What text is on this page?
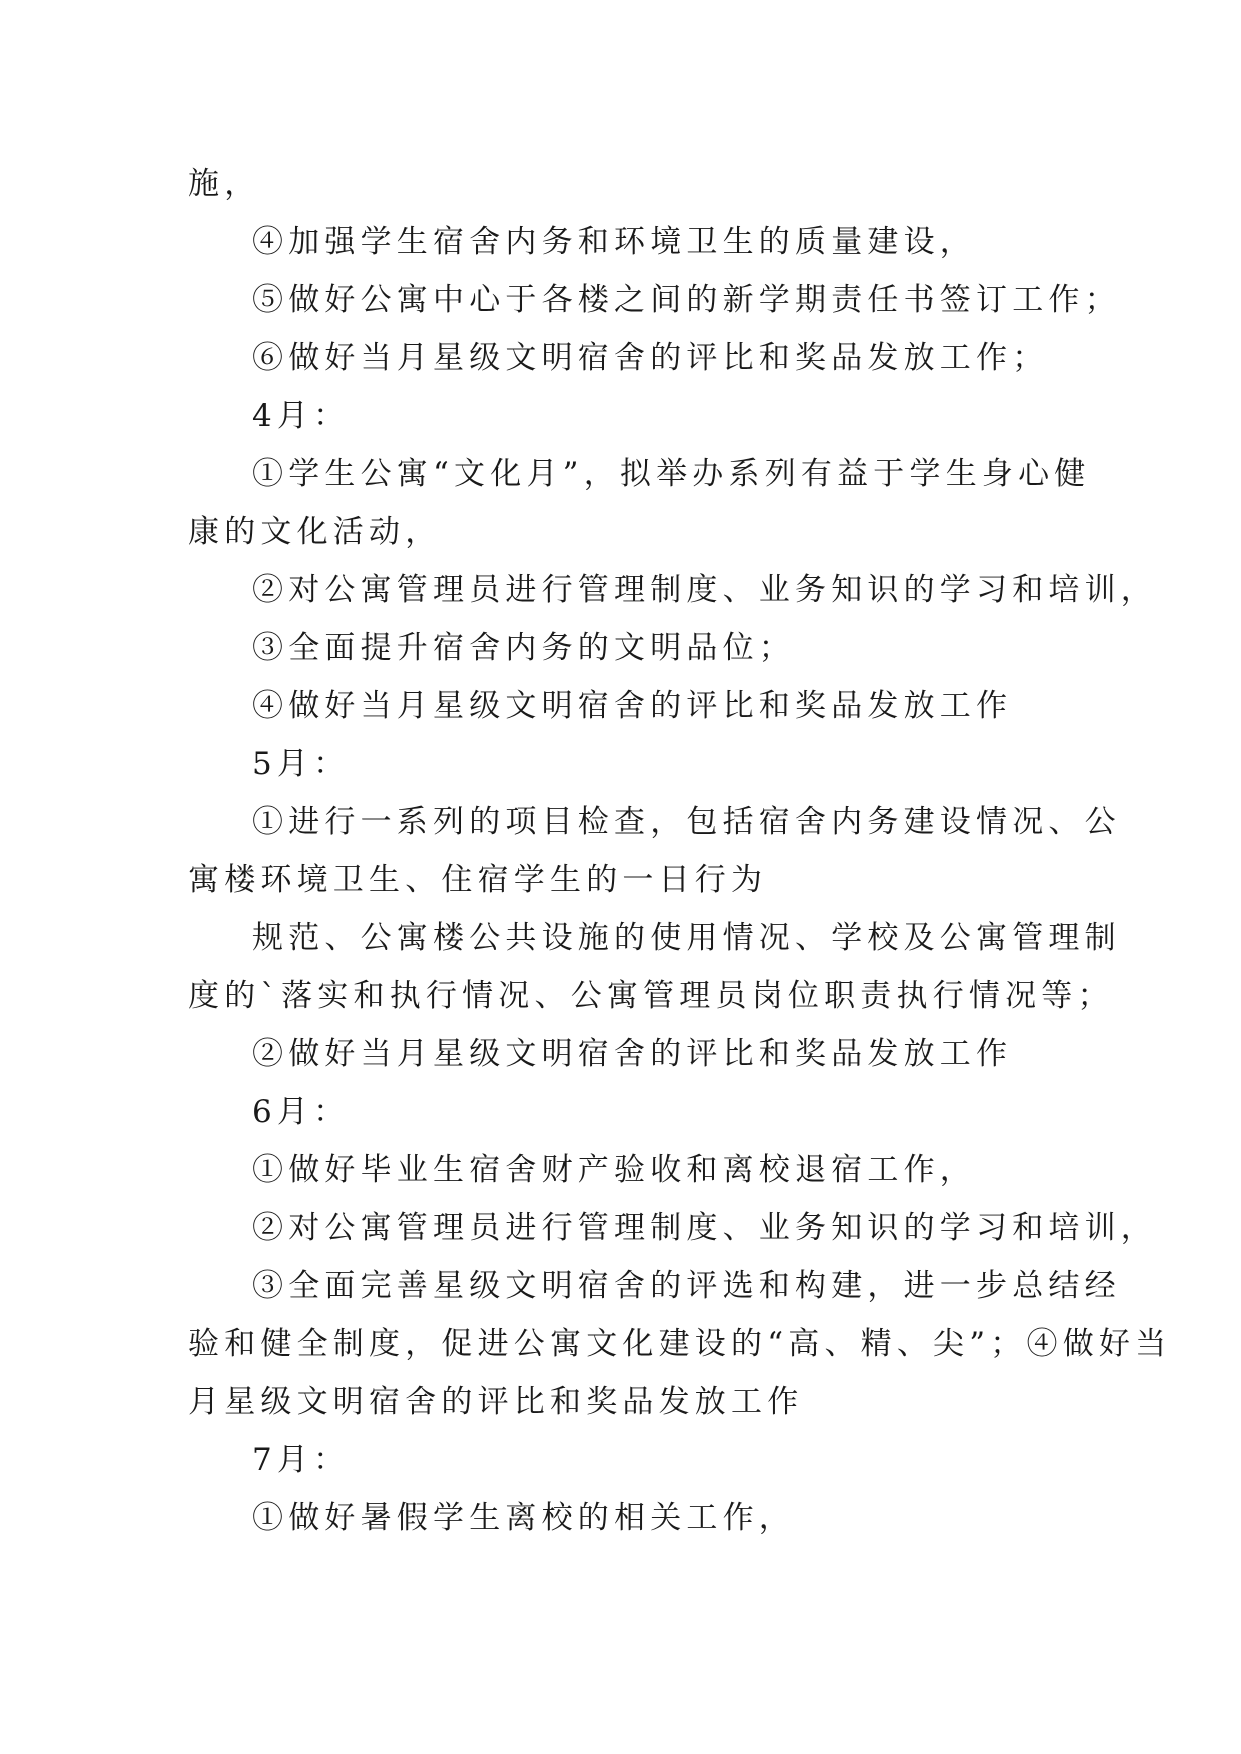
施，
④加强学生宿舍内务和环境卫生的质量建设，
⑤做好公寓中心于各楼之间的新学期责任书签订工作；
⑥做好当月星级文明宿舍的评比和奖品发放工作；
4月：
①学生公寓“文化月”，拟举办系列有益于学生身心健
康的文化活动，
②对公寓管理员进行管理制度、业务知识的学习和培训，
③全面提升宿舍内务的文明品位；
④做好当月星级文明宿舍的评比和奖品发放工作
5月：
①进行一系列的项目检查，包括宿舍内务建设情况、公
寓楼环境卫生、住宿学生的一日行为
规范、公寓楼公共设施的使用情况、学校及公寓管理制
度的`落实和执行情况、公寓管理员岗位职责执行情况等；
②做好当月星级文明宿舍的评比和奖品发放工作
6月：
①做好毕业生宿舍财产验收和离校退宿工作，
②对公寓管理员进行管理制度、业务知识的学习和培训，
③全面完善星级文明宿舍的评选和构建，进一步总结经
验和健全制度，促进公寓文化建设的“高、精、尖”；④做好当
月星级文明宿舍的评比和奖品发放工作
7月：
①做好暑假学生离校的相关工作，
